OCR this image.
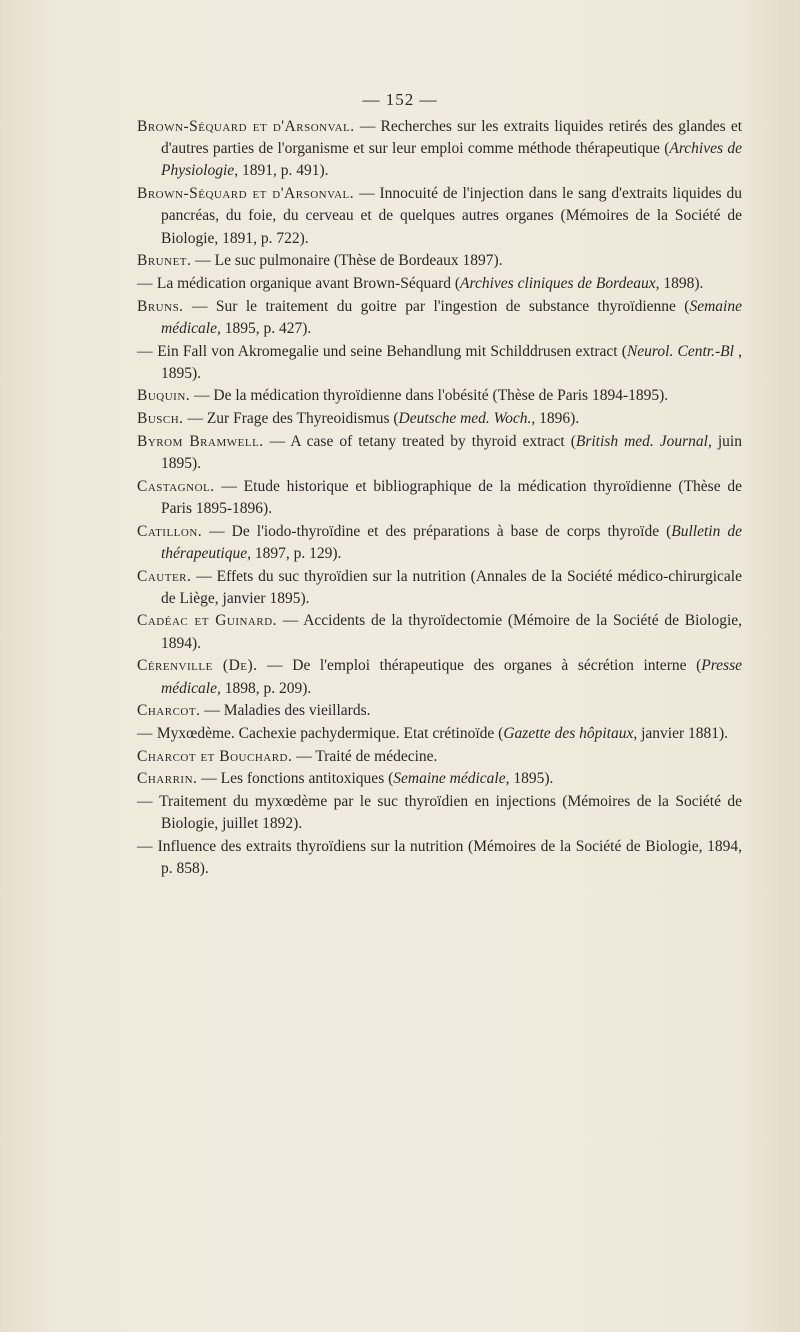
— 152 —

Brown-Séquard et d'Arsonval. — Recherches sur les extraits liquides retirés des glandes et d'autres parties de l'organisme et sur leur emploi comme méthode thérapeutique (Archives de Physiologie, 1891, p. 491).

Brown-Séquard et d'Arsonval. — Innocuité de l'injection dans le sang d'extraits liquides du pancréas, du foie, du cerveau et de quelques autres organes (Mémoires de la Société de Biologie, 1891, p. 722).

Brunet. — Le suc pulmonaire (Thèse de Bordeaux 1897).

— La médication organique avant Brown-Séquard (Archives cliniques de Bordeaux, 1898).

Bruns. — Sur le traitement du goitre par l'ingestion de substance thyroïdienne (Semaine médicale, 1895, p. 427).

— Ein Fall von Akromegalie und seine Behandlung mit Schilddrusen extract (Neurol. Centr.-Bl , 1895).

Buquin. — De la médication thyroïdienne dans l'obésité (Thèse de Paris 1894-1895).

Busch. — Zur Frage des Thyreoidismus (Deutsche med. Woch., 1896).

Byrom Bramwell. — A case of tetany treated by thyroid extract (British med. Journal, juin 1895).

Castagnol. — Etude historique et bibliographique de la médication thyroïdienne (Thèse de Paris 1895-1896).

Catillon. — De l'iodo-thyroïdine et des préparations à base de corps thyroïde (Bulletin de thérapeutique, 1897, p. 129).

Cauter. — Effets du suc thyroïdien sur la nutrition (Annales de la Société médico-chirurgicale de Liège, janvier 1895).

Cadéac et Guinard. — Accidents de la thyroïdectomie (Mémoire de la Société de Biologie, 1894).

Cérenville (De). — De l'emploi thérapeutique des organes à sécrétion interne (Presse médicale, 1898, p. 209).

Charcot. — Maladies des vieillards.

— Myxœdème. Cachexie pachydermique. Etat crétinoïde (Gazette des hôpitaux, janvier 1881).

Charcot et Bouchard. — Traité de médecine.

Charrin. — Les fonctions antitoxiques (Semaine médicale, 1895).

— Traitement du myxœdème par le suc thyroïdien en injections (Mémoires de la Société de Biologie, juillet 1892).

— Influence des extraits thyroïdiens sur la nutrition (Mémoires de la Société de Biologie, 1894, p. 858).
